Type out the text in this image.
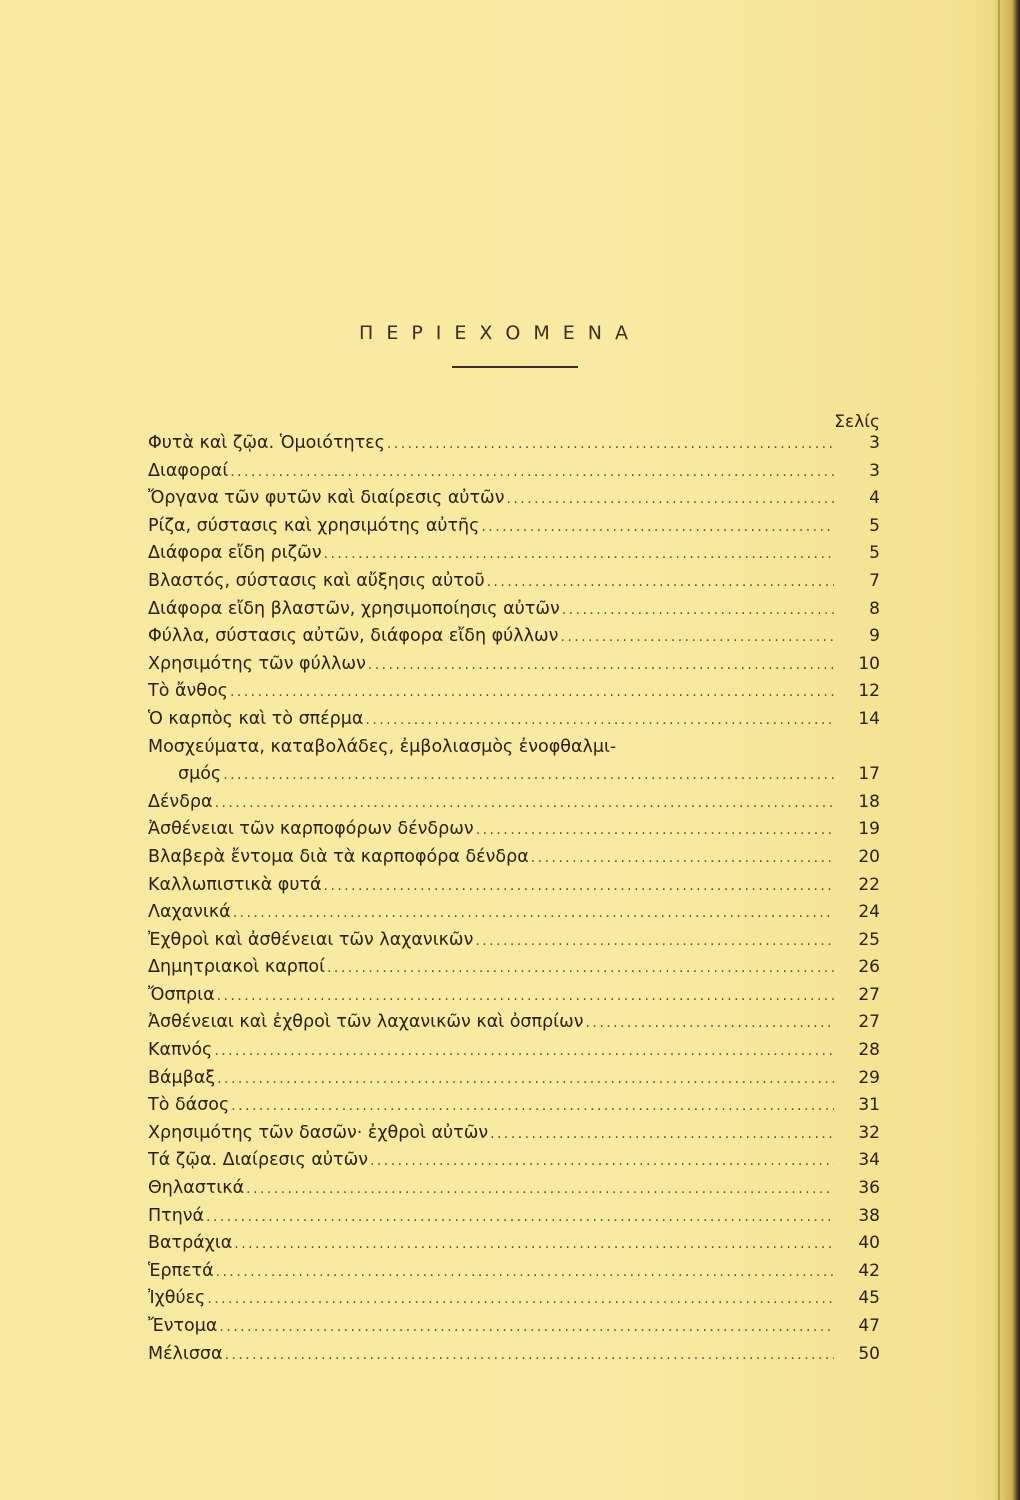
ΠΕΡΙΕΧΟΜΕΝΑ
Σελίς
Φυτὰ καὶ ζῷα. Ὁμοιότητες . . .	3
Διαφοραί . . .	3
Ὄργανα τῶν φυτῶν καὶ διαίρεσις αὐτῶν . . .	4
Ρίζα, σύστασις καὶ χρησιμότης αὐτῆς . . .	5
Διάφορα εἴδη ριζῶν . . .	5
Βλαστός, σύστασις καὶ αὔξησις αὐτοῦ . . .	7
Διάφορα εἴδη βλαστῶν, χρησιμοποίησις αὐτῶν . . .	8
Φύλλα, σύστασις αὐτῶν, διάφορα εἴδη φύλλων . . .	9
Χρησιμότης τῶν φύλλων . . .	10
Τὸ ἄνθος . . .	12
Ὁ καρπὸς καὶ τὸ σπέρμα . . .	14
Μοσχεύματα, καταβολάδες, ἐμβολιασμὸς ἐνοφθαλμι-
σμός . . .	17
Δένδρα . . .	18
Ἀσθένειαι τῶν καρποφόρων δένδρων . . .	19
Βλαβερὰ ἔντομα διὰ τὰ καρποφόρα δένδρα . . .	20
Καλλωπιστικὰ φυτά . . .	22
Λαχανικά . . .	24
Ἐχθροὶ καὶ ἀσθένειαι τῶν λαχανικῶν . . .	25
Δημητριακοὶ καρποί . . .	26
Ὄσπρια . . .	27
Ἀσθένειαι καὶ ἐχθροὶ τῶν λαχανικῶν καὶ ὀσπρίων . . .	27
Καπνός . . .	28
Βάμβαξ . . .	29
Τὸ δάσος . . .	31
Χρησιμότης τῶν δασῶν· ἐχθροὶ αὐτῶν . . .	32
Τά ζῷα. Διαίρεσις αὐτῶν . . .	34
Θηλαστικά . . .	36
Πτηνά . . .	38
Βατράχια . . .	40
Ἑρπετά . . .	42
Ἰχθύες . . .	45
Ἔντομα . . .	47
Μέλισσα . . .	50
